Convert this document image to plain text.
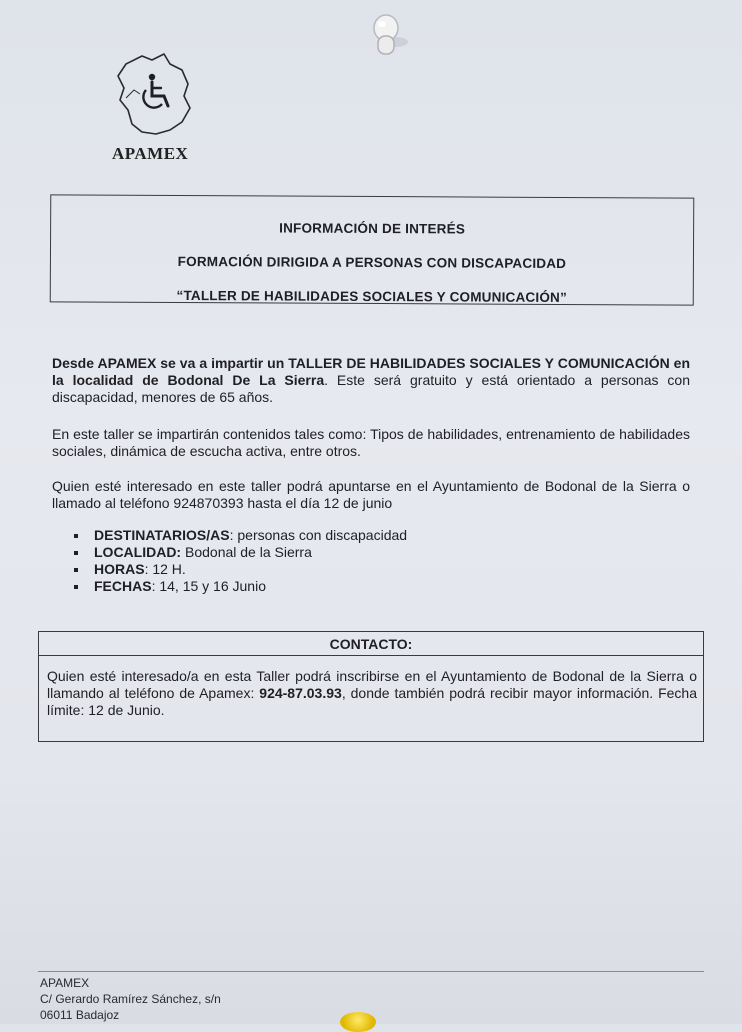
APAMEX
INFORMACIÓN DE INTERÉS
FORMACIÓN DIRIGIDA A PERSONAS CON DISCAPACIDAD
“TALLER DE HABILIDADES SOCIALES Y COMUNICACIÓN”
Desde APAMEX se va a impartir un TALLER DE HABILIDADES SOCIALES Y COMUNICACIÓN en la localidad de Bodonal De La Sierra. Este será gratuito y está orientado a personas con discapacidad, menores de 65 años.
En este taller se impartirán contenidos tales como: Tipos de habilidades, entrenamiento de habilidades sociales, dinámica de escucha activa, entre otros.
Quien esté interesado en este taller podrá apuntarse en el Ayuntamiento de Bodonal de la Sierra o llamado al teléfono 924870393 hasta el día 12 de junio
DESTINATARIOS/AS: personas con discapacidad
LOCALIDAD: Bodonal de la Sierra
HORAS: 12 H.
FECHAS: 14, 15 y 16 Junio
CONTACTO:
Quien esté interesado/a en esta Taller podrá inscribirse en el Ayuntamiento de Bodonal de la Sierra o llamando al teléfono de Apamex: 924-87.03.93, donde también podrá recibir mayor información. Fecha límite: 12 de Junio.
APAMEX
C/ Gerardo Ramírez Sánchez, s/n
06011 Badajoz
